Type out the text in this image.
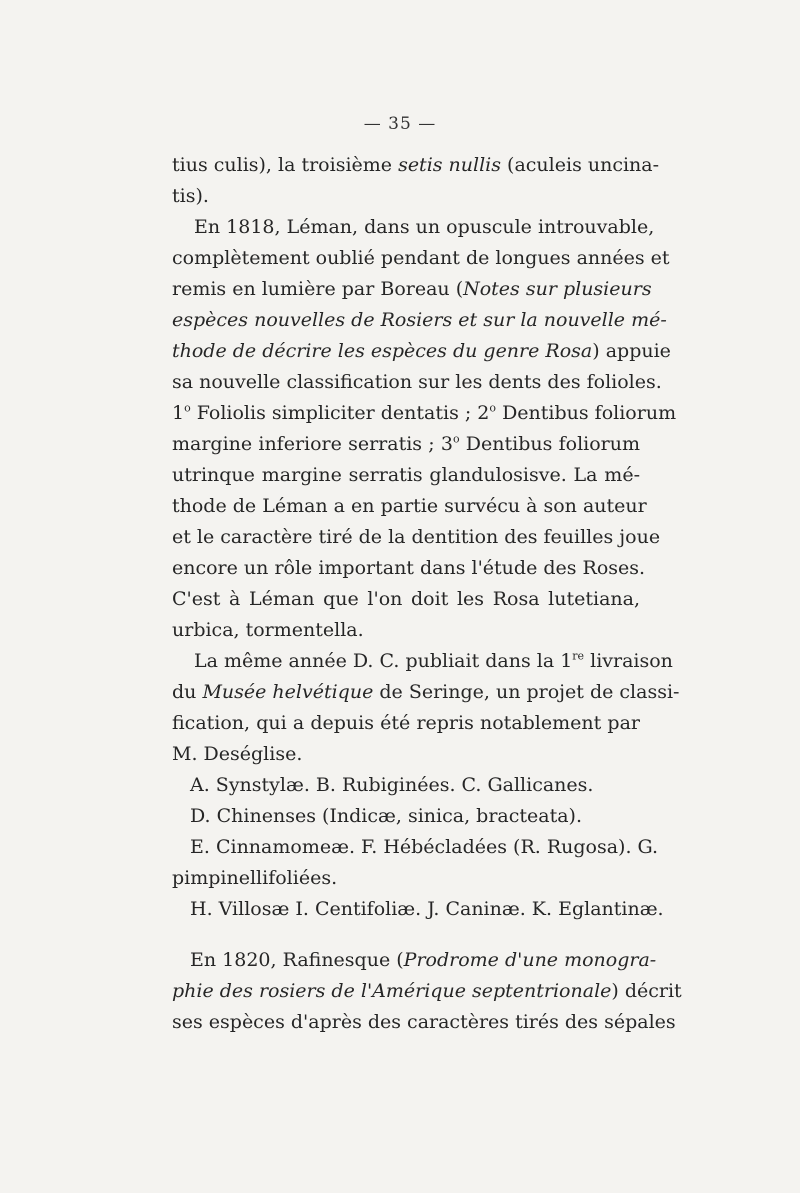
— 35 —
tius culis), la troisième setis nullis (aculeis uncina-
tis).
En 1818, Léman, dans un opuscule introuvable,
complètement oublié pendant de longues années et
remis en lumière par Boreau (Notes sur plusieurs
espèces nouvelles de Rosiers et sur la nouvelle mé-
thode de décrire les espèces du genre Rosa) appuie
sa nouvelle classification sur les dents des folioles.
1$^o$ Foliolis simpliciter dentatis ; 2$^o$ Dentibus foliorum
margine inferiore serratis ; 3$^o$ Dentibus foliorum
utrinque margine serratis glandulosisve. La mé-
thode de Léman a en partie survécu à son auteur
et le caractère tiré de la dentition des feuilles joue
encore un rôle important dans l'étude des Roses.
C'est à Léman que l'on doit les Rosa lutetiana,
urbica, tormentella.
La même année D. C. publiait dans la 1re livraison
du Musée helvétique de Seringe, un projet de classi-
fication, qui a depuis été repris notablement par
M. Deséglise.
A. Synstylæ. B. Rubiginées. C. Gallicanes.
D. Chinenses (Indicæ, sinica, bracteata).
E. Cinnamomeæ. F. Hébécladées (R. Rugosa). G.
pimpinellifoliées.
H. Villosæ I. Centifoliæ. J. Caninæ. K. Eglantinæ.
En 1820, Rafinesque (Prodrome d'une monogra-
phie des rosiers de l'Amérique septentrionale) décrit
ses espèces d'après des caractères tirés des sépales
